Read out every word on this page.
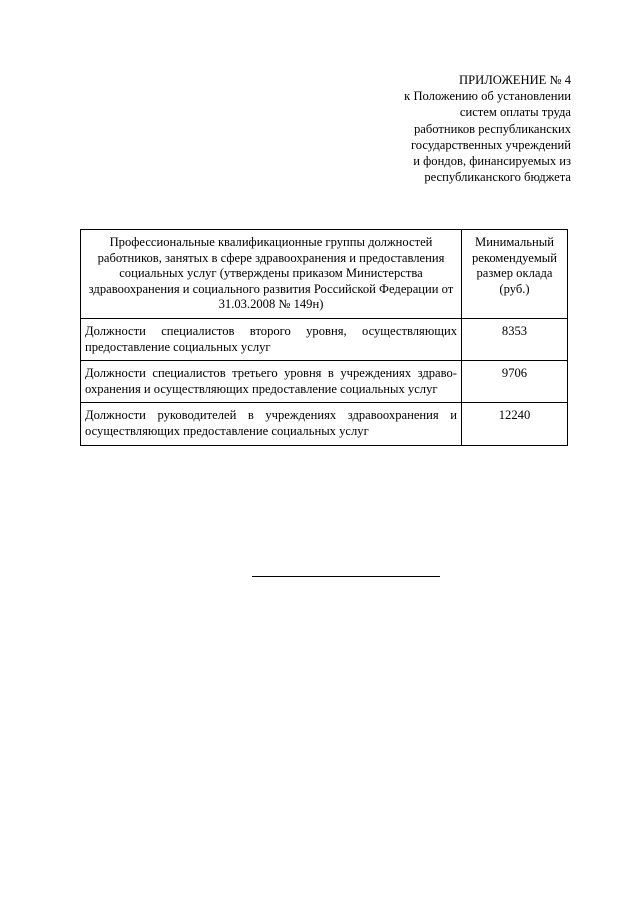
ПРИЛОЖЕНИЕ № 4
к Положению об установлении
систем оплаты труда
работников республиканских
государственных учреждений
и фондов, финансируемых из
республиканского бюджета
Профессиональные квалификационные группы должностей работников, занятых в сфере здравоохранения и предоставления социальных услуг (утверждены приказом Министерства здравоохранения и социального развития Российской Федерации от 31.03.2008 № 149н)	Минимальный рекомендуемый размер оклада (руб.)
Должности специалистов второго уровня, осуществляющих предоставление социальных услуг	8353
Должности специалистов третьего уровня в учреждениях здраво-охранения и осуществляющих предоставление социальных услуг	9706
Должности руководителей в учреждениях здравоохранения и осуществляющих предоставление социальных услуг	12240
